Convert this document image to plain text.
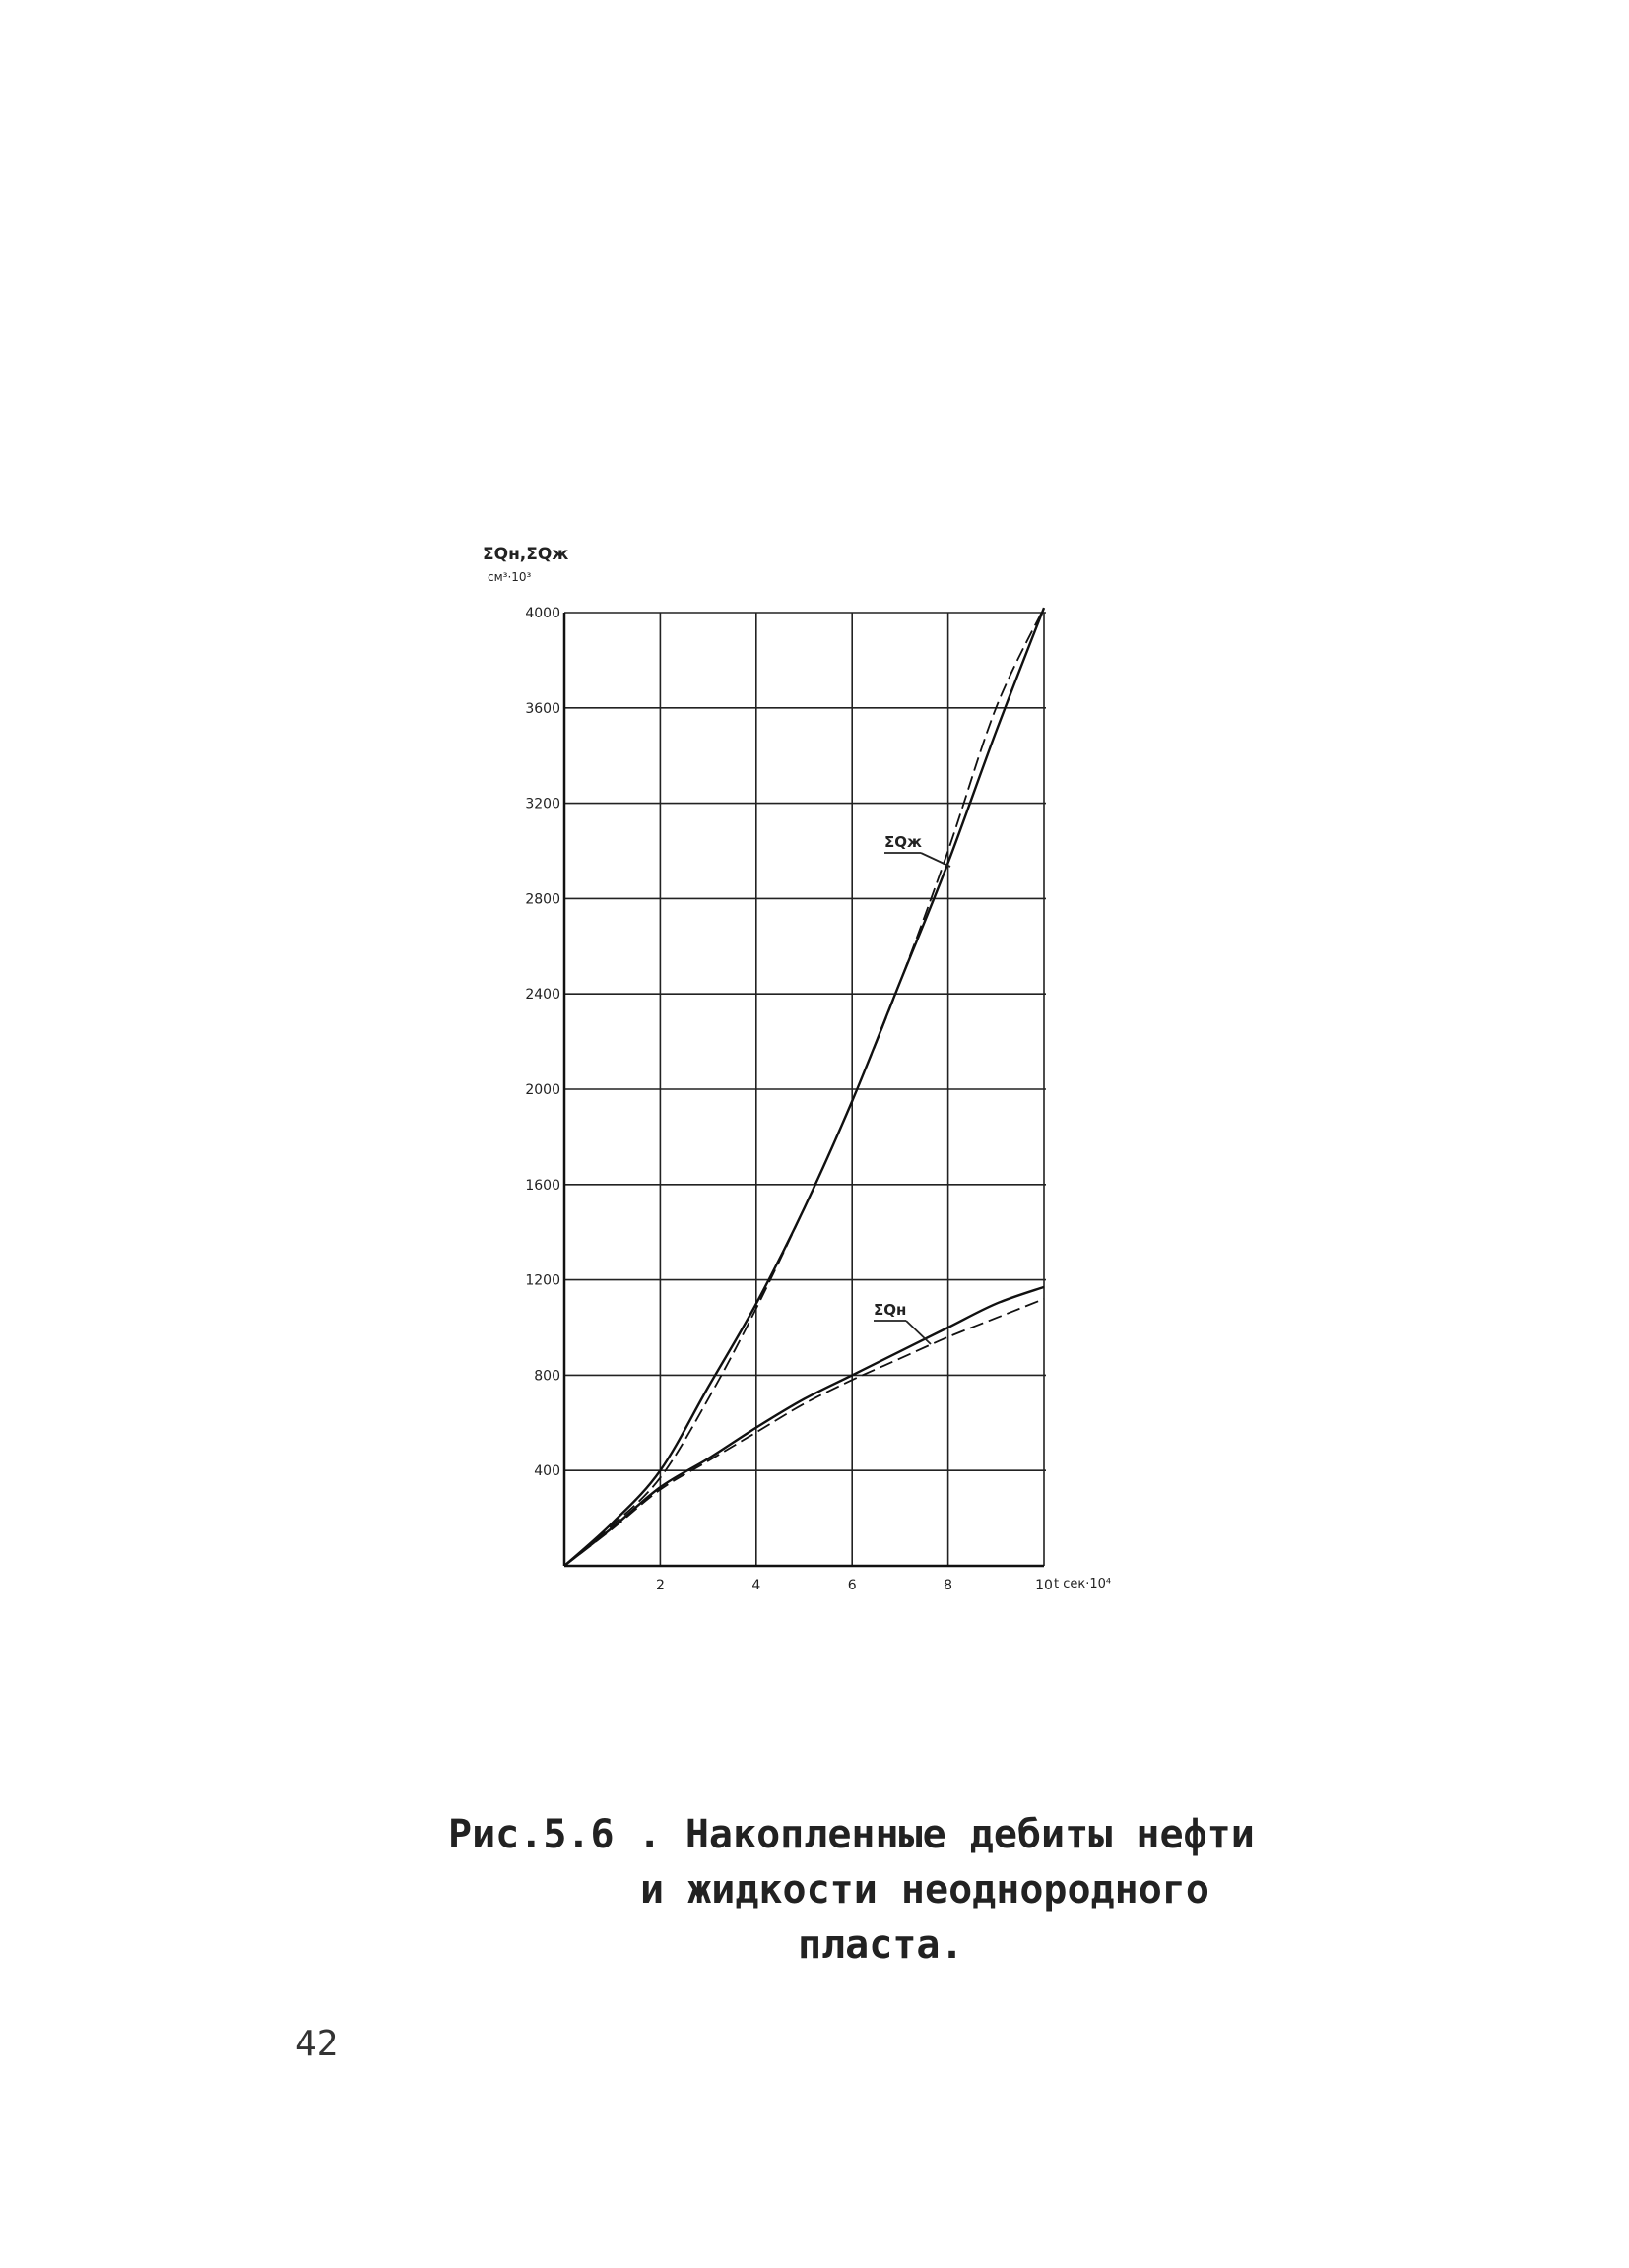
400
800
1200
1600
2000
2400
2800
3200
3600
4000
2	4	6	8	10
ΣQн,ΣQж
см³·10³
t сек·10⁴
ΣQж
ΣQн
Рис.5.6 . Накопленные дебиты нефти
и жидкости неоднородного
пласта.
42
